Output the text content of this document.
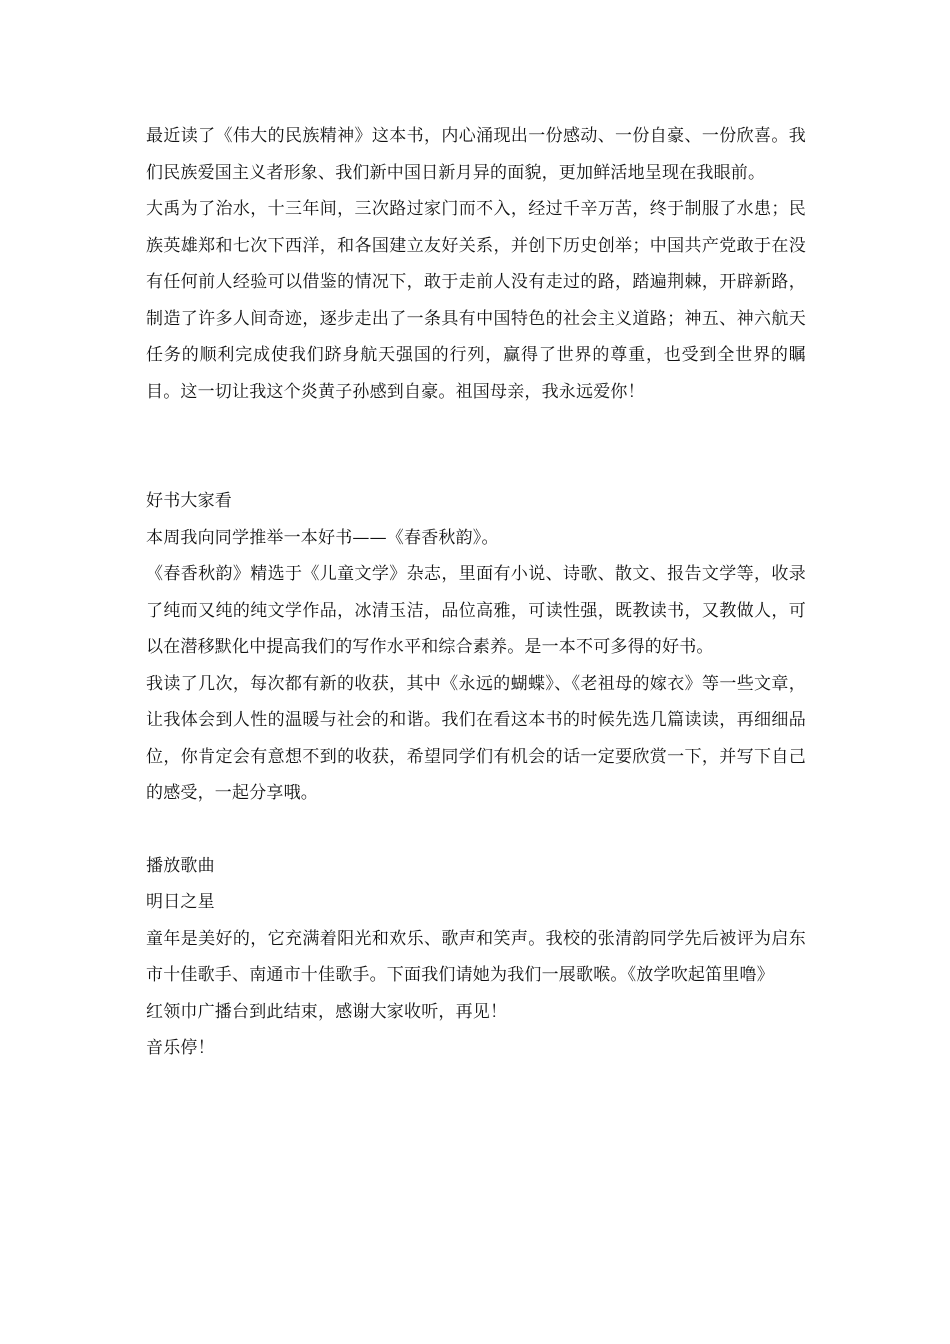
最近读了《伟大的民族精神》这本书，内心涌现出一份感动、一份自豪、一份欣喜。我们民族爱国主义者形象、我们新中国日新月异的面貌，更加鲜活地呈现在我眼前。

大禹为了治水，十三年间，三次路过家门而不入，经过千辛万苦，终于制服了水患；民族英雄郑和七次下西洋，和各国建立友好关系，并创下历史创举；中国共产党敢于在没有任何前人经验可以借鉴的情况下，敢于走前人没有走过的路，踏遍荆棘，开辟新路，制造了许多人间奇迹，逐步走出了一条具有中国特色的社会主义道路；神五、神六航天任务的顺利完成使我们跻身航天强国的行列，赢得了世界的尊重，也受到全世界的瞩目。这一切让我这个炎黄子孙感到自豪。祖国母亲，我永远爱你！

好书大家看

本周我向同学推举一本好书——《春香秋韵》。

《春香秋韵》精选于《儿童文学》杂志，里面有小说、诗歌、散文、报告文学等，收录了纯而又纯的纯文学作品，冰清玉洁，品位高雅，可读性强，既教读书，又教做人，可以在潜移默化中提高我们的写作水平和综合素养。是一本不可多得的好书。

我读了几次，每次都有新的收获，其中《永远的蝴蝶》、《老祖母的嫁衣》等一些文章，让我体会到人性的温暖与社会的和谐。我们在看这本书的时候先选几篇读读，再细细品位，你肯定会有意想不到的收获，希望同学们有机会的话一定要欣赏一下，并写下自己的感受，一起分享哦。

播放歌曲

明日之星

童年是美好的，它充满着阳光和欢乐、歌声和笑声。我校的张清韵同学先后被评为启东市十佳歌手、南通市十佳歌手。下面我们请她为我们一展歌喉。《放学吹起笛里噜》

红领巾广播台到此结束，感谢大家收听，再见！

音乐停！
